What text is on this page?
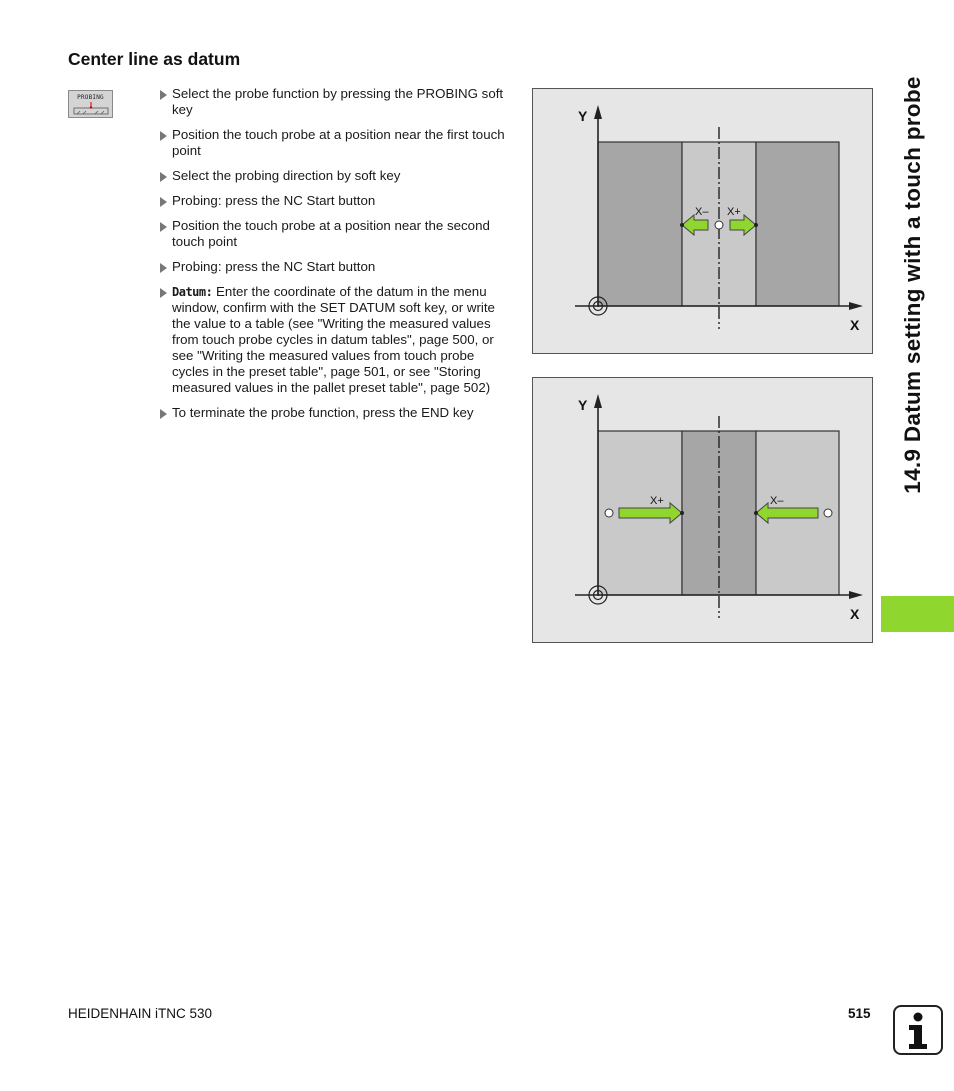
Center line as datum
PROBING	Select the probe function by pressing the PROBING soft key
Position the touch probe at a position near the first touch point
Select the probing direction by soft key
Probing: press the NC Start button
Position the touch probe at a position near the second touch point
Probing: press the NC Start button
Datum: Enter the coordinate of the datum in the menu window, confirm with the SET DATUM soft key, or write the value to a table (see "Writing the measured values from touch probe cycles in datum tables", page 500, or see "Writing the measured values from touch probe cycles in the preset table", page 501, or see "Storing measured values in the pallet preset table", page 502)
To terminate the probe function, press the END key
Y
X
X– X+
Y
X
X+	X–
14.9 Datum setting with a touch probe
HEIDENHAIN iTNC 530	515
